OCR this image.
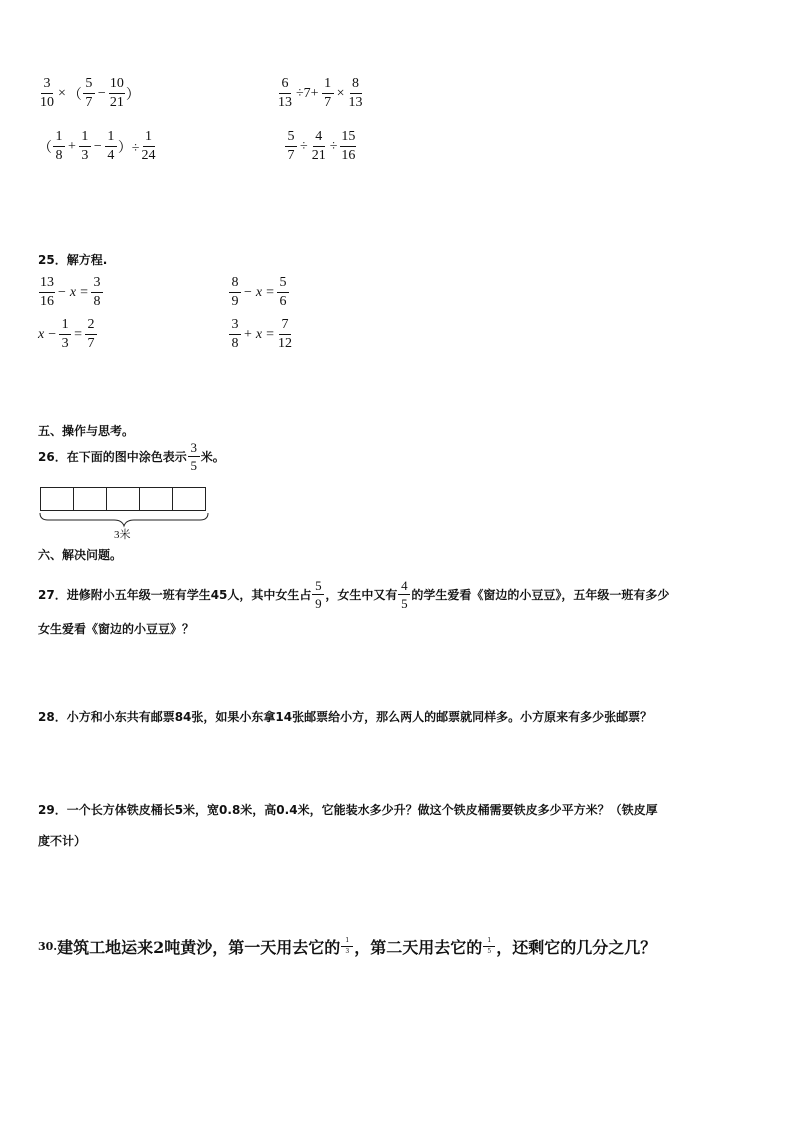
$\frac{3}{10}$ × （ $\frac{5}{7} - \frac{10}{21}$ ）	$\frac{6}{13} \div 7+ \frac{1}{7} \times \frac{8}{13}$
（ $\frac{1}{8} + \frac{1}{3} - \frac{1}{4}$ ）÷ $\frac{1}{24}$	$\frac{5}{7} \div \frac{4}{21} \div \frac{15}{16}$
25．解方程.
$\frac{13}{16} - x = \frac{3}{8}$	$\frac{8}{9} - x = \frac{5}{6}$
$x - \frac{1}{3} = \frac{2}{7}$	$\frac{3}{8} + x = \frac{7}{12}$
五、操作与思考。
26．在下面的图中涂色表示 $\frac{3}{5}$ 米。
3米
六、解决问题。
27．进修附小五年级一班有学生45人，其中女生占 $\frac{5}{9}$ ，女生中又有 $\frac{4}{5}$ 的学生爱看《窗边的小豆豆》，五年级一班有多少
女生爱看《窗边的小豆豆》？
28．小方和小东共有邮票84张，如果小东拿14张邮票给小方，那么两人的邮票就同样多。小方原来有多少张邮票？
29．一个长方体铁皮桶长5米，宽0.8米，高0.4米，它能装水多少升？做这个铁皮桶需要铁皮多少平方米？（铁皮厚
度不计）
30. 建筑工地运来2吨黄沙，第一天用去它的 $\frac{1}{3}$ ，第二天用去它的 $\frac{1}{5}$ ，还剩它的几分之几？
